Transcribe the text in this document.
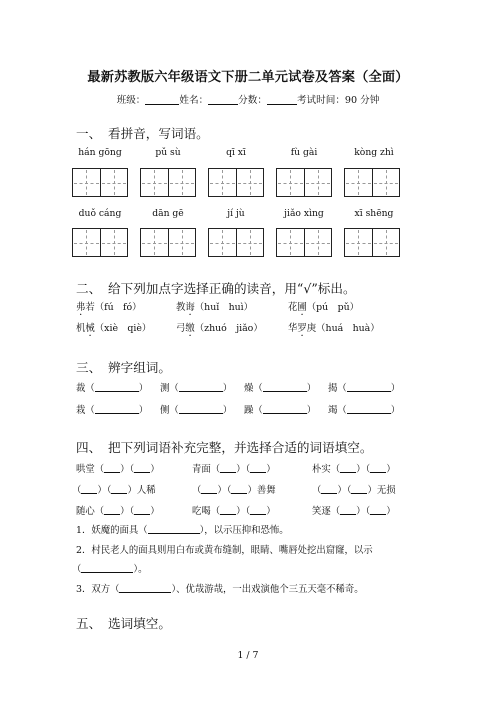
最新苏教版六年级语文下册二单元试卷及答案（全面）
班级：	姓名：	分数：	考试时间：90 分钟
一、 看拼音，写词语。
hán gōng	pǔ sù	qī xī	fù gài	kòng zhì
duǒ cáng	dān gē	jí jù	jiǎo xìng	xī shēng
二、 给下列加点字选择正确的读音，用“√”标出。
弗若（fú　fó）	教诲（huǐ　huì）	花圃（pú　pǔ）
机械（xiè　qiè）	弓缴（zhuó　jiǎo）	华罗庚（huá　huà）
三、 辨字组词。
裁（	） 测（	） 燥（	） 揭（	）
栽（	） 侧（	） 躁（	） 竭（	）
四、 把下列词语补充完整，并选择合适的词语填空。
哄堂（ ）（ ）	青面（ ）（ ）	朴实（ ）（ ）
（ ）（ ）人稀	（ ）（ ）善舞	（ ）（ ）无损
随心（ ）（ ）	吃喝（ ）（ ）	笑逐（ ）（ ）
1．妖魔的面具（	），以示压抑和恐怖。
2．村民老人的面具则用白布或黄布缝制，眼睛、嘴唇处挖出窟窿，以示
（	）。
3．双方（	）、优哉游哉，一出戏演他个三五天毫不稀奇。
五、 选词填空。
1 / 7
